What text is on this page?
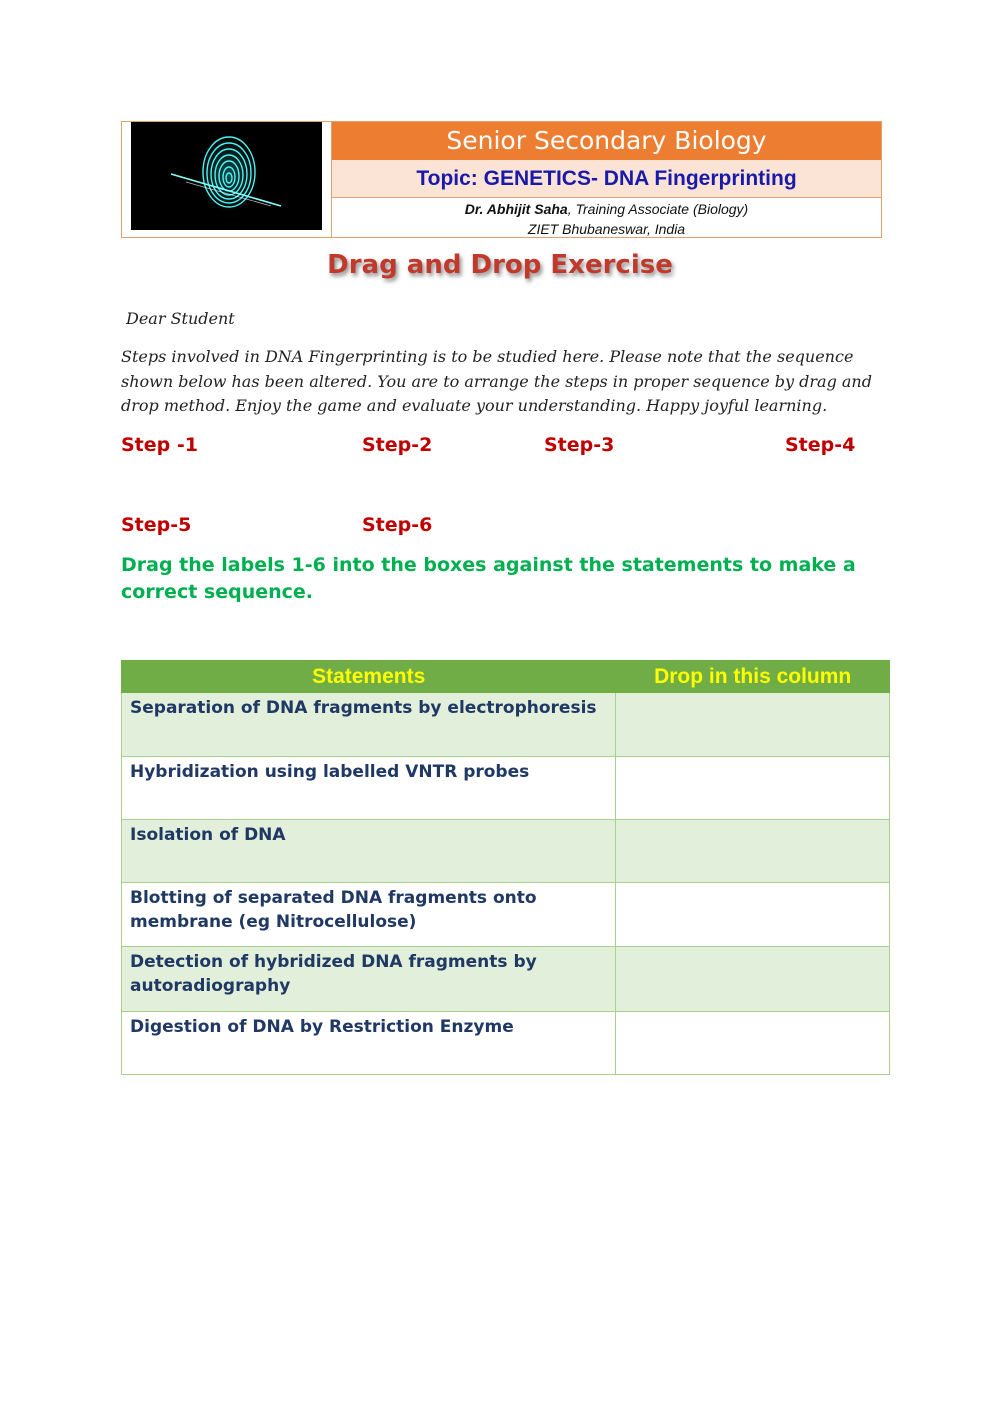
Senior Secondary Biology
Topic: GENETICS- DNA Fingerprinting
Dr. Abhijit Saha, Training Associate (Biology)
ZIET Bhubaneswar, India
Drag and Drop Exercise
Dear Student
Steps involved in DNA Fingerprinting is to be studied here. Please note that the sequence shown below has been altered. You are to arrange the steps in proper sequence by drag and drop method. Enjoy the game and evaluate your understanding. Happy joyful learning.
Step -1	Step-2	Step-3	Step-4
Step-5	Step-6
Drag the labels 1-6 into the boxes against the statements to make a correct sequence.
Statements	Drop in this column
Separation of DNA fragments by electrophoresis	
Hybridization using labelled VNTR probes	
Isolation of DNA	
Blotting of separated DNA fragments onto membrane (eg Nitrocellulose)	
Detection of hybridized DNA fragments by autoradiography	
Digestion of DNA by Restriction Enzyme	
